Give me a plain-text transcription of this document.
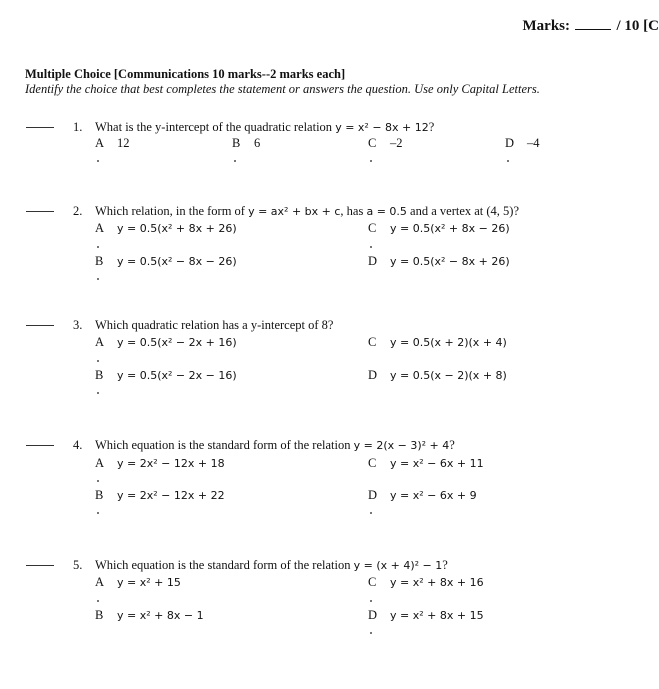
Marks:	/ 10 [C
Multiple Choice [Communications 10 marks--2 marks each]
Identify the choice that best completes the statement or answers the question. Use only Capital Letters.
1. What is the y-intercept of the quadratic relation y = x² − 8x + 12?
A 12	B 6	C –2	D –4
2. Which relation, in the form of y = ax² + bx + c, has a = 0.5 and a vertex at (4, 5)?
A y = 0.5(x² + 8x + 26)
B y = 0.5(x² − 8x − 26)
C y = 0.5(x² + 8x − 26)
D y = 0.5(x² − 8x + 26)
3. Which quadratic relation has a y-intercept of 8?
A y = 0.5(x² − 2x + 16)
B y = 0.5(x² − 2x − 16)
C y = 0.5(x + 2)(x + 4)
D y = 0.5(x − 2)(x + 8)
4. Which equation is the standard form of the relation y = 2(x − 3)² + 4?
A y = 2x² − 12x + 18
B y = 2x² − 12x + 22
C y = x² − 6x + 11
D y = x² − 6x + 9
5. Which equation is the standard form of the relation y = (x + 4)² − 1?
A y = x² + 15
B y = x² + 8x − 1
C y = x² + 8x + 16
D y = x² + 8x + 15
